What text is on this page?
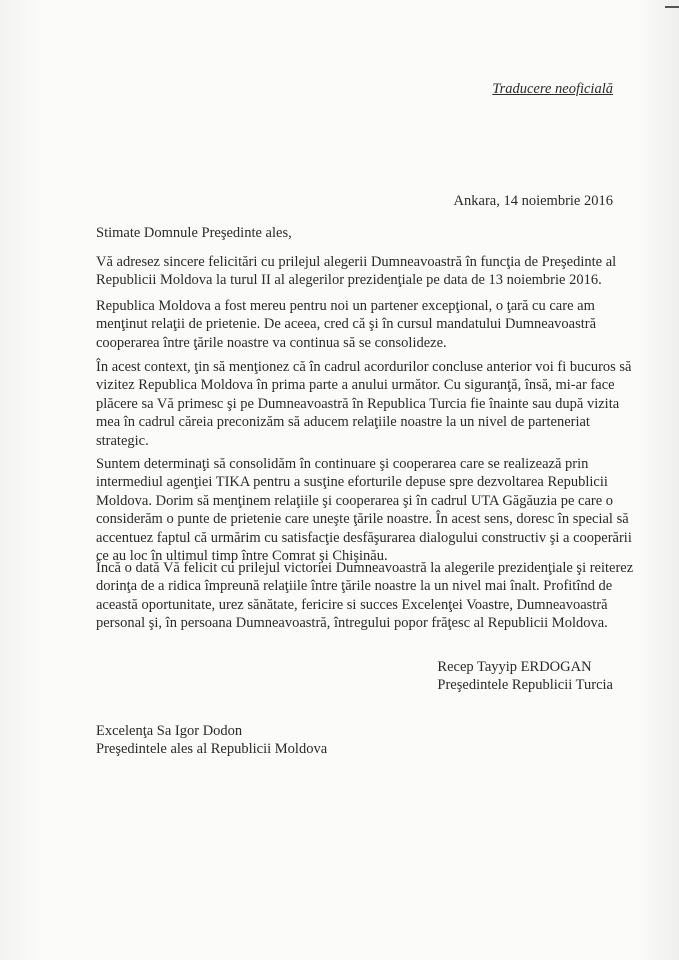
Traducere neoficială
Ankara, 14 noiembrie 2016
Stimate Domnule Preşedinte ales,
Vă adresez sincere felicitări cu prilejul alegerii Dumneavoastră în funcţia de Preşedinte al
Republicii Moldova la turul II al alegerilor prezidenţiale pe data de 13 noiembrie 2016.
Republica Moldova a fost mereu pentru noi un partener excepţional, o ţară cu care am
menţinut relaţii de prietenie. De aceea, cred că şi în cursul mandatului Dumneavoastră
cooperarea între ţările noastre va continua să se consolideze.
În acest context, ţin să menţionez că în cadrul acordurilor concluse anterior voi fi bucuros să
vizitez Republica Moldova în prima parte a anului următor. Cu siguranţă, însă, mi-ar face
plăcere sa Vă primesc şi pe Dumneavoastră în Republica Turcia fie înainte sau după vizita
mea în cadrul căreia preconizăm să aducem relaţiile noastre la un nivel de parteneriat
strategic.
Suntem determinaţi să consolidăm în continuare şi cooperarea care se realizează prin
intermediul agenţiei TIKA pentru a susţine eforturile depuse spre dezvoltarea Republicii
Moldova. Dorim să menţinem relaţiile şi cooperarea şi în cadrul UTA Găgăuzia pe care o
considerăm o punte de prietenie care uneşte ţările noastre. În acest sens, doresc în special să
accentuez faptul că urmărim cu satisfacţie desfăşurarea dialogului constructiv şi a cooperării
ce au loc în ultimul timp între Comrat şi Chişinău.
Încă o dată Vă felicit cu prilejul victoriei Dumneavoastră la alegerile prezidenţiale şi reiterez
dorinţa de a ridica împreună relaţiile între ţările noastre la un nivel mai înalt. Profitînd de
această oportunitate, urez sănătate, fericire si succes Excelenţei Voastre, Dumneavoastră
personal şi, în persoana Dumneavoastră, întregului popor frăţesc al Republicii Moldova.
Recep Tayyip ERDOGAN
Preşedintele Republicii Turcia
Excelenţa Sa Igor Dodon
Preşedintele ales al Republicii Moldova
